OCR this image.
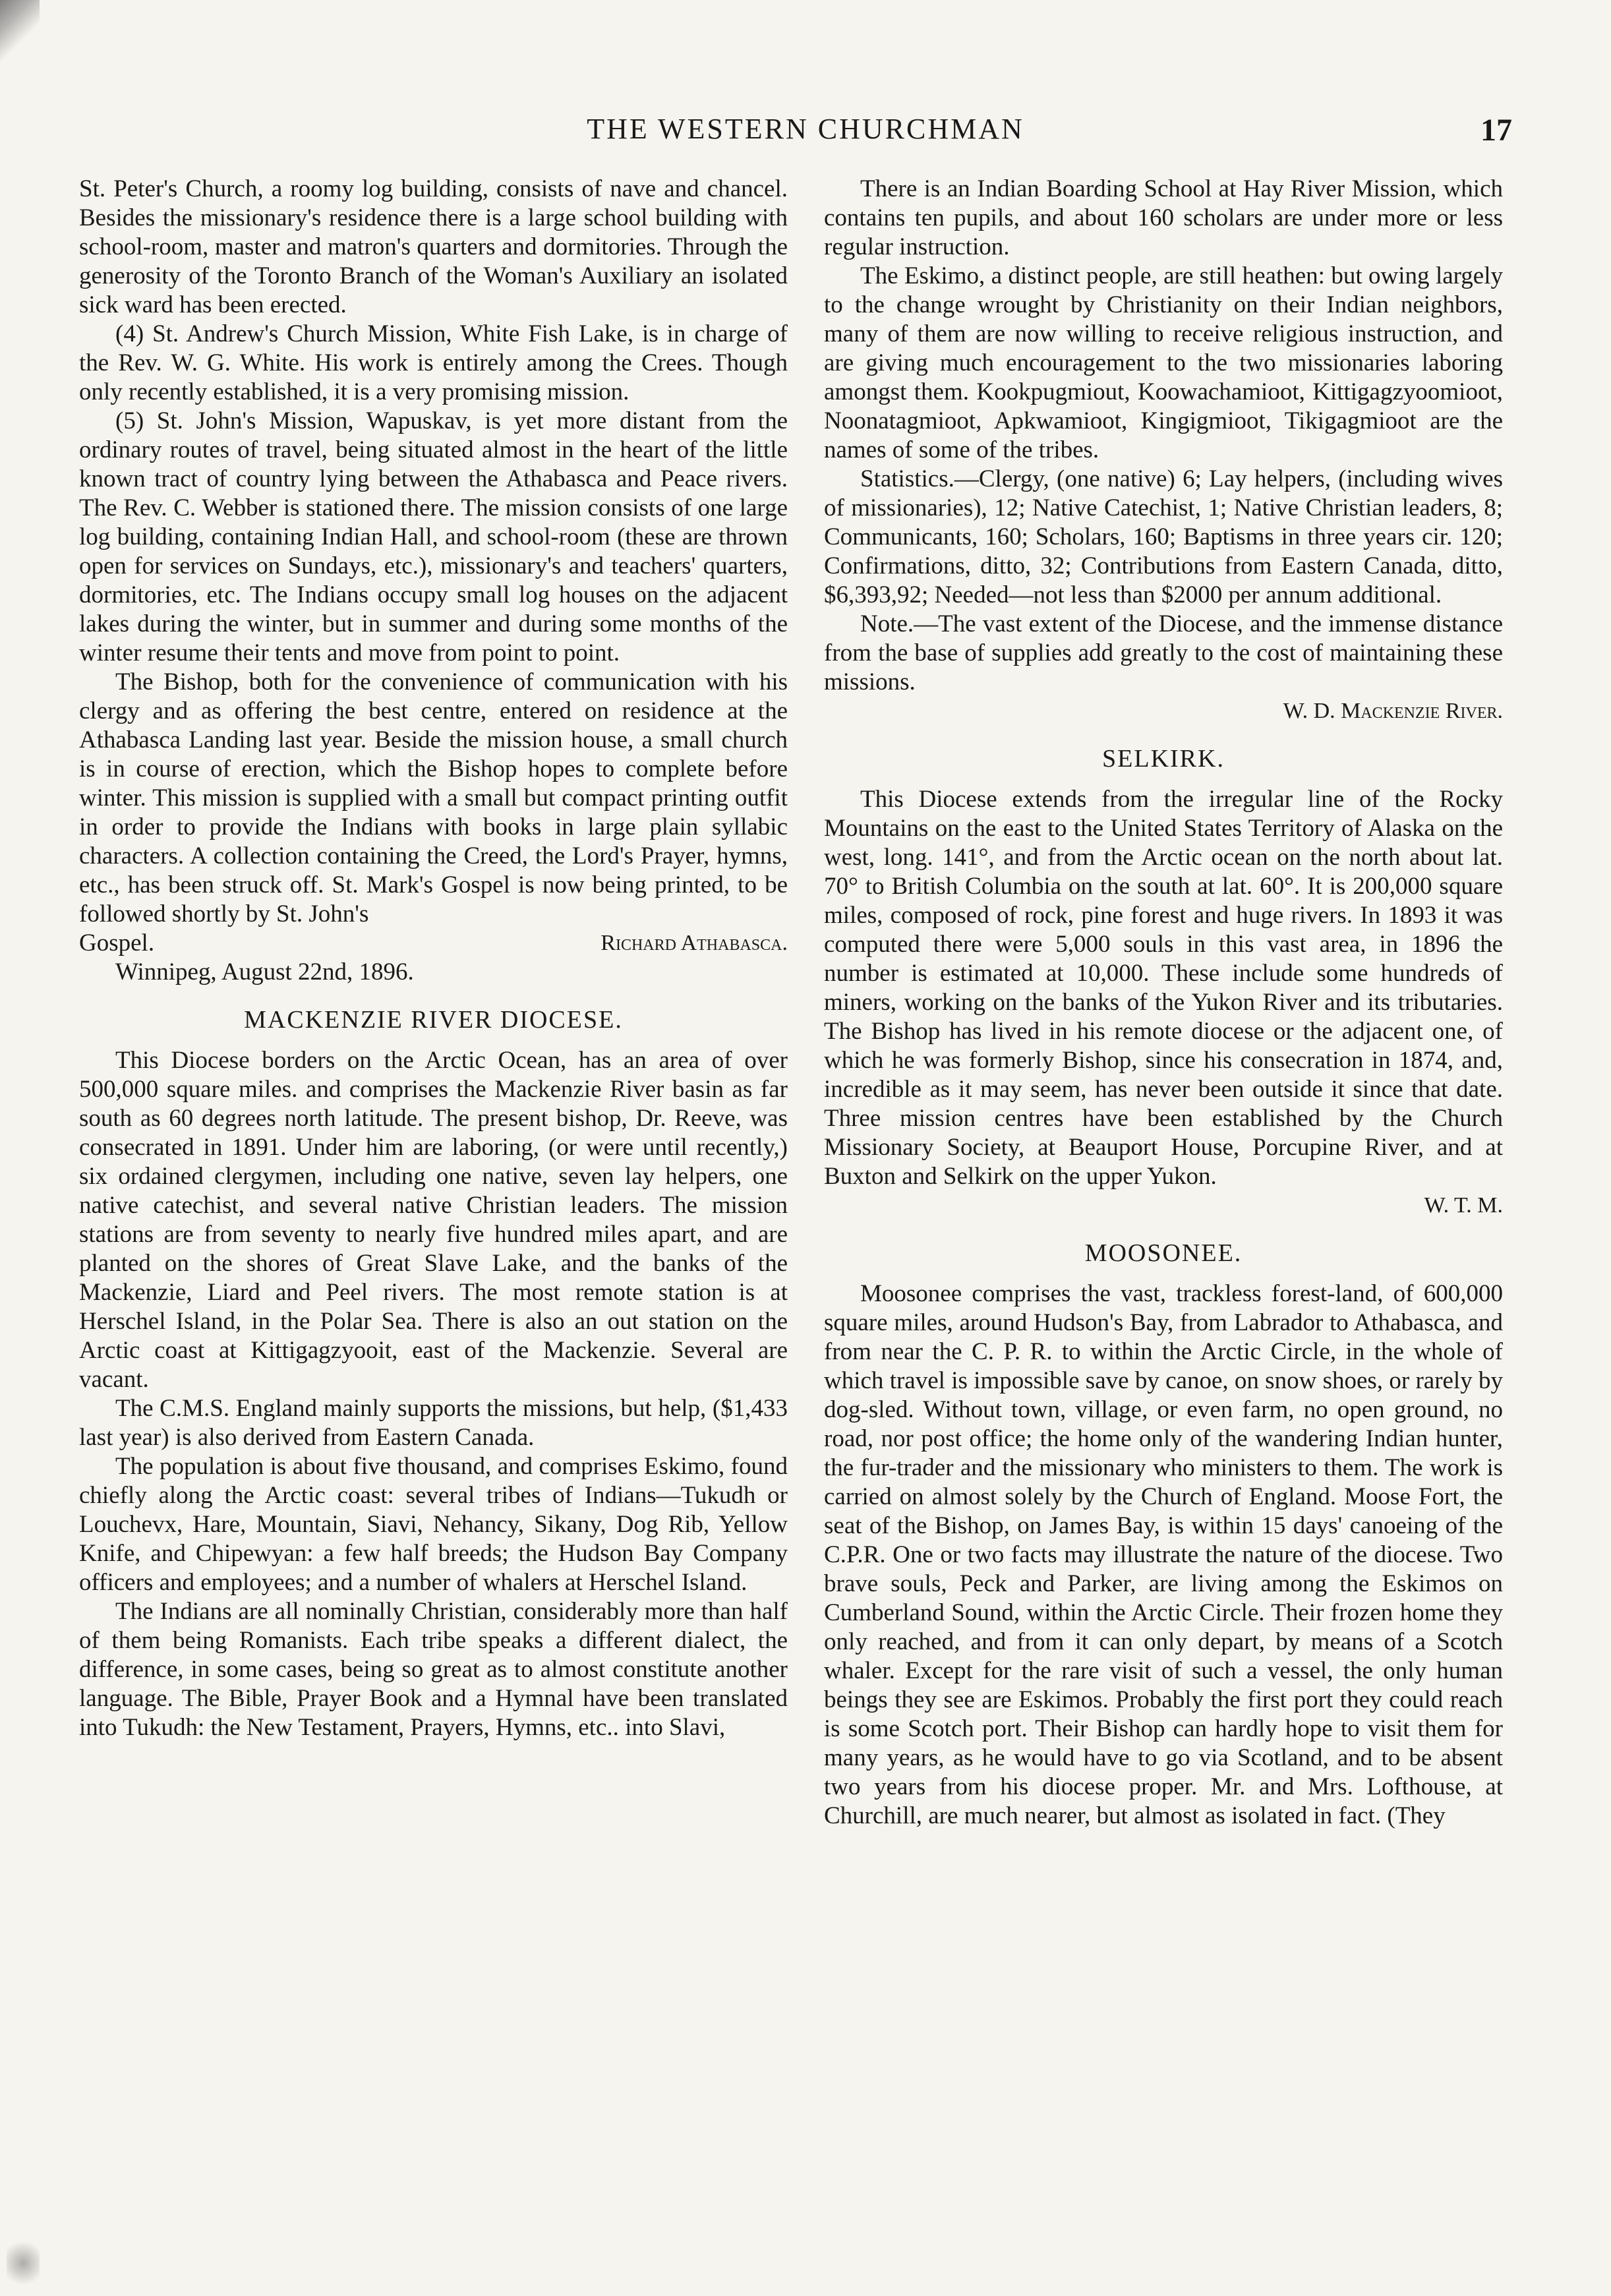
THE WESTERN CHURCHMAN	17

St. Peter's Church, a roomy log building, consists of nave and chancel. Besides the missionary's residence there is a large school building with school-room, master and matron's quarters and dormitories. Through the generosity of the Toronto Branch of the Woman's Auxiliary an isolated sick ward has been erected.

(4) St. Andrew's Church Mission, White Fish Lake, is in charge of the Rev. W. G. White. His work is entirely among the Crees. Though only recently established, it is a very promising mission.

(5) St. John's Mission, Wapuskav, is yet more distant from the ordinary routes of travel, being situated almost in the heart of the little known tract of country lying between the Athabasca and Peace rivers. The Rev. C. Webber is stationed there. The mission consists of one large log building, containing Indian Hall, and school-room (these are thrown open for services on Sundays, etc.), missionary's and teachers' quarters, dormitories, etc. The Indians occupy small log houses on the adjacent lakes during the winter, but in summer and during some months of the winter resume their tents and move from point to point.

The Bishop, both for the convenience of communication with his clergy and as offering the best centre, entered on residence at the Athabasca Landing last year. Beside the mission house, a small church is in course of erection, which the Bishop hopes to complete before winter. This mission is supplied with a small but compact printing outfit in order to provide the Indians with books in large plain syllabic characters. A collection containing the Creed, the Lord's Prayer, hymns, etc., has been struck off. St. Mark's Gospel is now being printed, to be followed shortly by St. John's

Gospel.	Richard Athabasca.

Winnipeg, August 22nd, 1896.

MACKENZIE RIVER DIOCESE.

This Diocese borders on the Arctic Ocean, has an area of over 500,000 square miles. and comprises the Mackenzie River basin as far south as 60 degrees north latitude. The present bishop, Dr. Reeve, was consecrated in 1891. Under him are laboring, (or were until recently,) six ordained clergymen, including one native, seven lay helpers, one native catechist, and several native Christian leaders. The mission stations are from seventy to nearly five hundred miles apart, and are planted on the shores of Great Slave Lake, and the banks of the Mackenzie, Liard and Peel rivers. The most remote station is at Herschel Island, in the Polar Sea. There is also an out station on the Arctic coast at Kittigagzyooit, east of the Mackenzie. Several are vacant.

The C.M.S. England mainly supports the missions, but help, ($1,433 last year) is also derived from Eastern Canada.

The population is about five thousand, and comprises Eskimo, found chiefly along the Arctic coast: several tribes of Indians—Tukudh or Louchevx, Hare, Mountain, Siavi, Nehancy, Sikany, Dog Rib, Yellow Knife, and Chipewyan: a few half breeds; the Hudson Bay Company officers and employees; and a number of whalers at Herschel Island.

The Indians are all nominally Christian, considerably more than half of them being Romanists. Each tribe speaks a different dialect, the difference, in some cases, being so great as to almost constitute another language. The Bible, Prayer Book and a Hymnal have been translated into Tukudh: the New Testament, Prayers, Hymns, etc.. into Slavi,

There is an Indian Boarding School at Hay River Mission, which contains ten pupils, and about 160 scholars are under more or less regular instruction.

The Eskimo, a distinct people, are still heathen: but owing largely to the change wrought by Christianity on their Indian neighbors, many of them are now willing to receive religious instruction, and are giving much encouragement to the two missionaries laboring amongst them. Kookpugmiout, Koowachamioot, Kittigagzyoomioot, Noonatagmioot, Apkwamioot, Kingigmioot, Tikigagmioot are the names of some of the tribes.

Statistics.—Clergy, (one native) 6; Lay helpers, (including wives of missionaries), 12; Native Catechist, 1; Native Christian leaders, 8; Communicants, 160; Scholars, 160; Baptisms in three years cir. 120; Confirmations, ditto, 32; Contributions from Eastern Canada, ditto, $6,393,92; Needed—not less than $2000 per annum additional.

Note.—The vast extent of the Diocese, and the immense distance from the base of supplies add greatly to the cost of maintaining these missions.

W. D. Mackenzie River.

SELKIRK.

This Diocese extends from the irregular line of the Rocky Mountains on the east to the United States Territory of Alaska on the west, long. 141°, and from the Arctic ocean on the north about lat. 70° to British Columbia on the south at lat. 60°. It is 200,000 square miles, composed of rock, pine forest and huge rivers. In 1893 it was computed there were 5,000 souls in this vast area, in 1896 the number is estimated at 10,000. These include some hundreds of miners, working on the banks of the Yukon River and its tributaries. The Bishop has lived in his remote diocese or the adjacent one, of which he was formerly Bishop, since his consecration in 1874, and, incredible as it may seem, has never been outside it since that date. Three mission centres have been established by the Church Missionary Society, at Beauport House, Porcupine River, and at Buxton and Selkirk on the upper Yukon.

W. T. M.

MOOSONEE.

Moosonee comprises the vast, trackless forest-land, of 600,000 square miles, around Hudson's Bay, from Labrador to Athabasca, and from near the C. P. R. to within the Arctic Circle, in the whole of which travel is impossible save by canoe, on snow shoes, or rarely by dog-sled. Without town, village, or even farm, no open ground, no road, nor post office; the home only of the wandering Indian hunter, the fur-trader and the missionary who ministers to them. The work is carried on almost solely by the Church of England. Moose Fort, the seat of the Bishop, on James Bay, is within 15 days' canoeing of the C.P.R. One or two facts may illustrate the nature of the diocese. Two brave souls, Peck and Parker, are living among the Eskimos on Cumberland Sound, within the Arctic Circle. Their frozen home they only reached, and from it can only depart, by means of a Scotch whaler. Except for the rare visit of such a vessel, the only human beings they see are Eskimos. Probably the first port they could reach is some Scotch port. Their Bishop can hardly hope to visit them for many years, as he would have to go via Scotland, and to be absent two years from his diocese proper. Mr. and Mrs. Lofthouse, at Churchill, are much nearer, but almost as isolated in fact. (They
